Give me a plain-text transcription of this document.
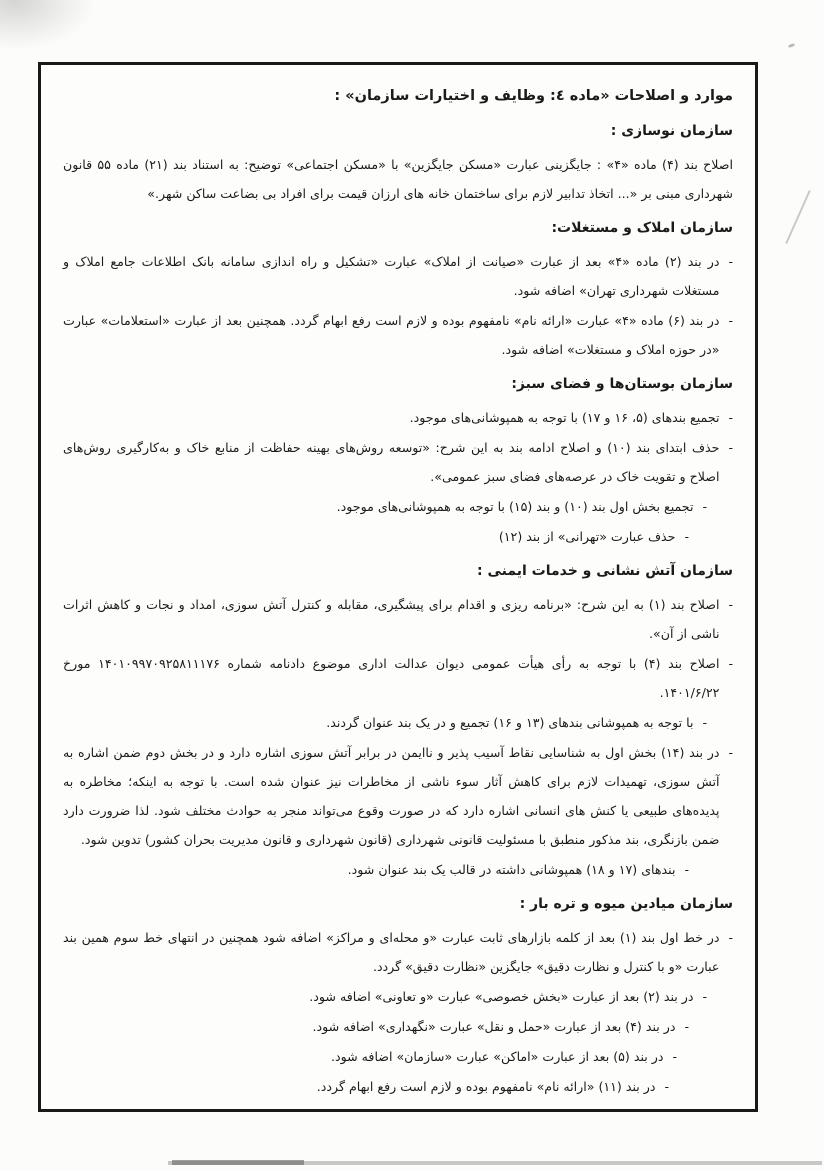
موارد و اصلاحات «ماده ٤: وظایف و اختیارات سازمان» :
سازمان نوسازی :
اصلاح بند (۴) ماده «۴» : جایگزینی عبارت «مسکن جایگزین» با «مسکن اجتماعی» توضیح: به استناد بند (۲۱) ماده ۵۵ قانون شهرداری مبنی بر «... اتخاذ تدابیر لازم برای ساختمان خانه های ارزان قیمت برای افراد بی بضاعت ساکن شهر.»
سازمان املاک و مستغلات:
-
در بند (۲) ماده «۴» بعد از عبارت «صیانت از املاک» عبارت «تشکیل و راه اندازی سامانه بانک اطلاعات جامع املاک و مستغلات شهرداری تهران» اضافه شود.
-
در بند (۶) ماده «۴» عبارت «ارائه نام» نامفهوم بوده و لازم است رفع ابهام گردد. همچنین بعد از عبارت «استعلامات» عبارت «در حوزه املاک و مستغلات» اضافه شود.
سازمان بوستان‌ها و فضای سبز:
-
تجمیع بندهای (۵، ۱۶ و ۱۷) با توجه به همپوشانی‌های موجود.
-
حذف ابتدای بند (۱۰) و اصلاح ادامه بند به این شرح: «توسعه روش‌های بهینه حفاظت از منابع خاک و به‌کارگیری روش‌های اصلاح و تقویت خاک در عرصه‌های فضای سبز عمومی».
-
تجمیع بخش اول بند (۱۰) و بند (۱۵) با توجه به همپوشانی‌های موجود.
-
حذف عبارت «تهرانی» از بند (۱۲)
سازمان آتش نشانی و خدمات ایمنی :
-
اصلاح بند (۱) به این شرح: «برنامه ریزی و اقدام برای پیشگیری، مقابله و کنترل آتش سوزی، امداد و نجات و کاهش اثرات ناشی از آن».
-
اصلاح بند (۴) با توجه به رأی هیأت عمومی دیوان عدالت اداری موضوع دادنامه شماره ۱۴۰۱۰۹۹۷۰۹۲۵۸۱۱۱۷۶ مورخ ۱۴۰۱/۶/۲۲.
-
با توجه به همپوشانی بندهای (۱۳ و ۱۶) تجمیع و در یک بند عنوان گردند.
-
در بند (۱۴) بخش اول به شناسایی نقاط آسیب پذیر و ناایمن در برابر آتش سوزی اشاره دارد و در بخش دوم ضمن اشاره به آتش سوزی، تهمیدات لازم برای کاهش آثار سوء ناشی از مخاطرات نیز عنوان شده است. با توجه به اینکه؛ مخاطره به پدیده‌های طبیعی یا کنش های انسانی اشاره دارد که در صورت وقوع می‌تواند منجر به حوادث مختلف شود. لذا ضرورت دارد ضمن بازنگری، بند مذکور منطبق با مسئولیت قانونی شهرداری (قانون شهرداری و قانون مدیریت بحران کشور) تدوین شود.
-
بندهای (۱۷ و ۱۸) همپوشانی داشته در قالب یک بند عنوان شود.
سازمان میادین میوه و تره بار :
-
در خط اول بند (۱) بعد از کلمه بازارهای ثابت عبارت «و محله‌ای و مراکز» اضافه شود همچنین در انتهای خط سوم همین بند عبارت «و با کنترل و نظارت دقیق» جایگزین «نظارت دقیق» گردد.
-
در بند (۲) بعد از عبارت «بخش خصوصی» عبارت «و تعاونی» اضافه شود.
-
در بند (۴) بعد از عبارت «حمل و نقل» عبارت «نگهداری» اضافه شود.
-
در بند (۵) بعد از عبارت «اماکن» عبارت «سازمان» اضافه شود.
-
در بند (۱۱) «ارائه نام» نامفهوم بوده و لازم است رفع ابهام گردد.
